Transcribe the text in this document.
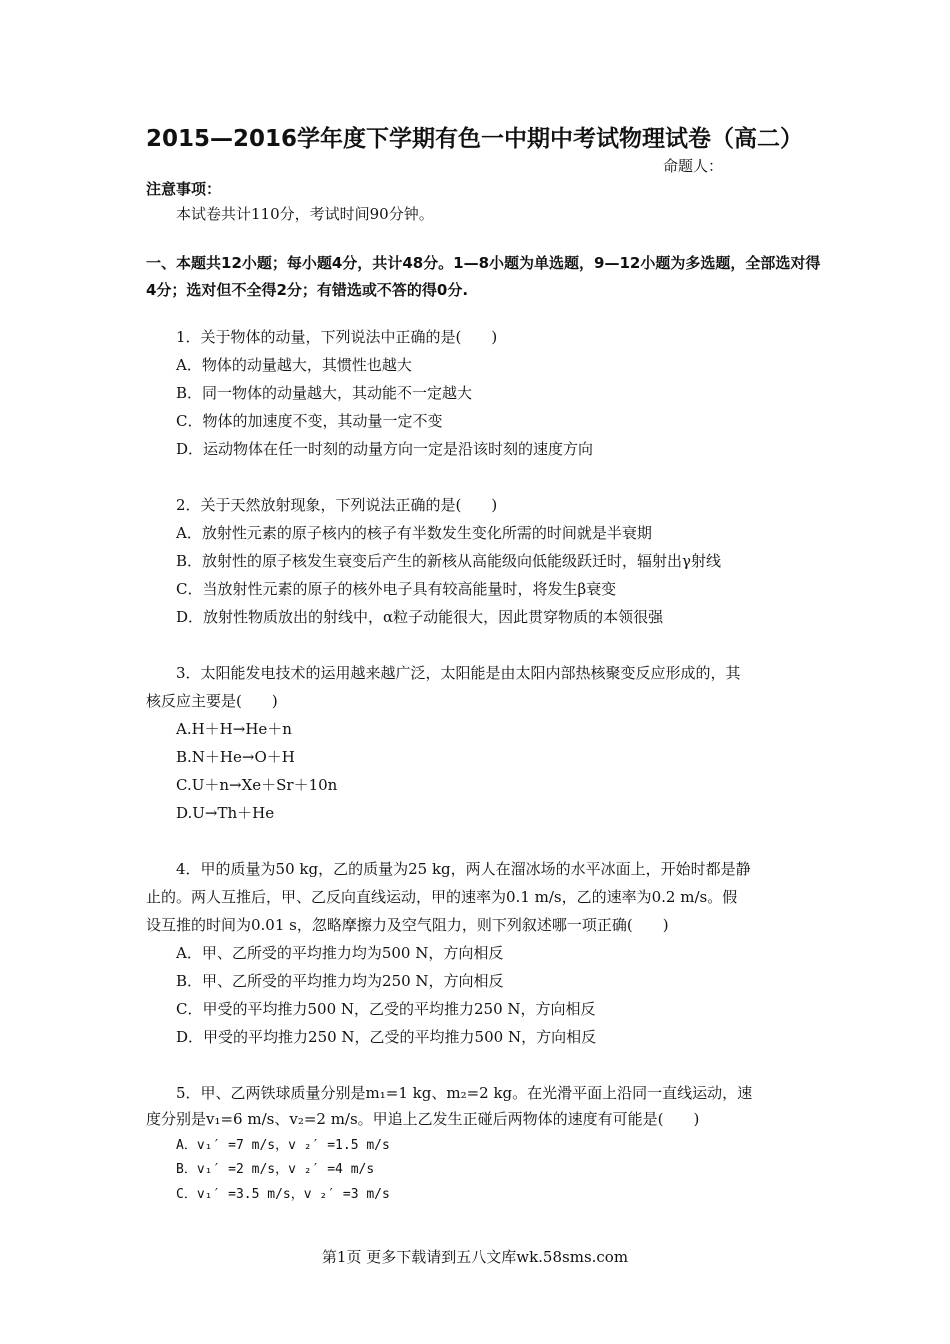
2015—2016学年度下学期有色一中期中考试物理试卷（高二）
命题人：
注意事项：
本试卷共计110分，考试时间90分钟。
一、本题共12小题；每小题4分，共计48分。1—8小题为单选题，9—12小题为多选题，全部选对得4分；选对但不全得2分；有错选或不答的得0分.
1．关于物体的动量，下列说法中正确的是(　　)
A．物体的动量越大，其惯性也越大
B．同一物体的动量越大，其动能不一定越大
C．物体的加速度不变，其动量一定不变
D．运动物体在任一时刻的动量方向一定是沿该时刻的速度方向
2．关于天然放射现象，下列说法正确的是(　　)
A．放射性元素的原子核内的核子有半数发生变化所需的时间就是半衰期
B．放射性的原子核发生衰变后产生的新核从高能级向低能级跃迁时，辐射出γ射线
C．当放射性元素的原子的核外电子具有较高能量时，将发生β衰变
D．放射性物质放出的射线中，α粒子动能很大，因此贯穿物质的本领很强
3．太阳能发电技术的运用越来越广泛，太阳能是由太阳内部热核聚变反应形成的，其
核反应主要是(　　)
A.H＋H→He＋n
B.N＋He→O＋H
C.U＋n→Xe＋Sr＋10n
D.U→Th＋He
4．甲的质量为50 kg，乙的质量为25 kg，两人在溜冰场的水平冰面上，开始时都是静
止的。两人互推后，甲、乙反向直线运动，甲的速率为0.1 m/s，乙的速率为0.2 m/s。假
设互推的时间为0.01 s，忽略摩擦力及空气阻力，则下列叙述哪一项正确(　　)
A．甲、乙所受的平均推力均为500 N，方向相反
B．甲、乙所受的平均推力均为250 N，方向相反
C．甲受的平均推力500 N，乙受的平均推力250 N，方向相反
D．甲受的平均推力250 N，乙受的平均推力500 N，方向相反
5．甲、乙两铁球质量分别是m₁=1 kg、m₂=2 kg。在光滑平面上沿同一直线运动，速
度分别是v₁=6 m/s、v₂=2 m/s。甲追上乙发生正碰后两物体的速度有可能是(　　)
A．v₁′ =7 m/s，v ₂′ =1.5 m/s
B．v₁′ =2 m/s，v ₂′ =4 m/s
C．v₁′ =3.5 m/s，v ₂′ =3 m/s
第1页 更多下载请到五八文库wk.58sms.com
